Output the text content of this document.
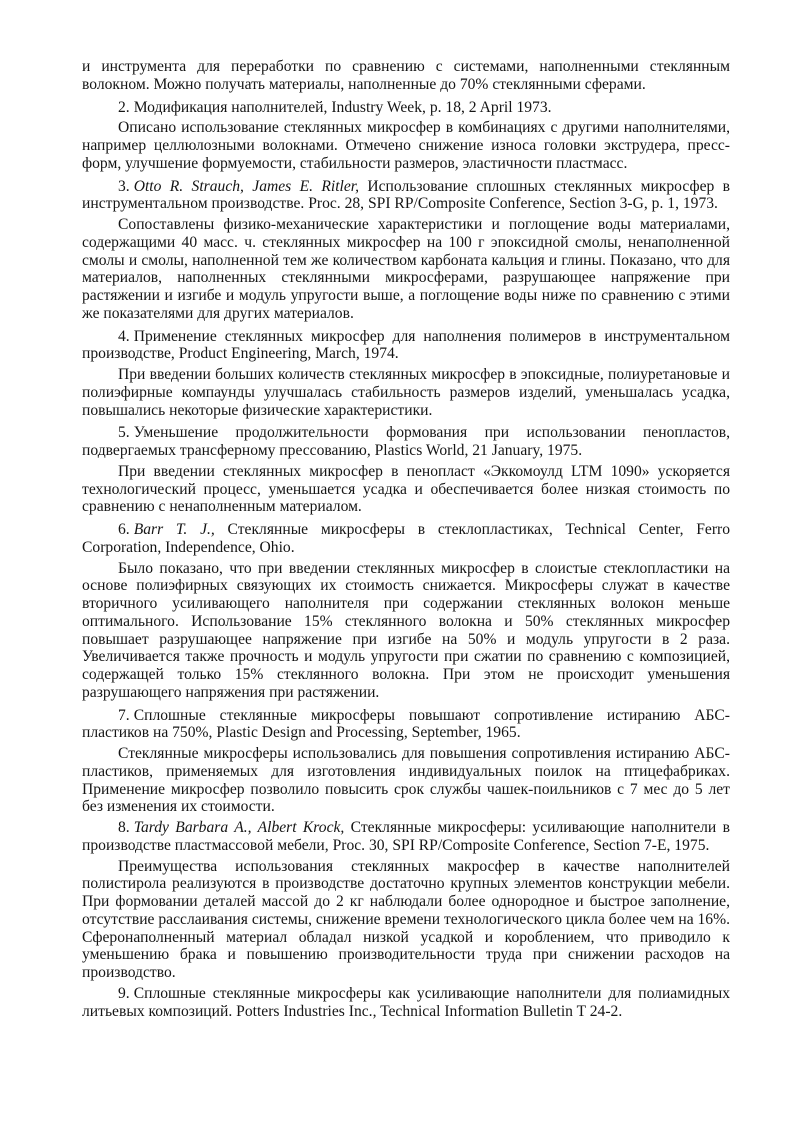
и инструмента для переработки по сравнению с системами, наполненными стеклянным волокном. Можно получать материалы, наполненные до 70% стеклянными сферами.

2. Модификация наполнителей, Industry Week, p. 18, 2 April 1973.

Описано использование стеклянных микросфер в комбинациях с другими наполнителями, например целлюлозными волокнами. Отмечено снижение износа головки экструдера, пресс-форм, улучшение формуемости, стабильности размеров, эластичности пластмасс.

3. Otto R. Strauch, James E. Ritler, Использование сплошных стеклянных микросфер в инструментальном производстве. Proc. 28, SPI RP/Composite Conference, Section 3-G, p. 1, 1973.

Сопоставлены физико-механические характеристики и поглощение воды материалами, содержащими 40 масс. ч. стеклянных микросфер на 100 г эпоксидной смолы, ненаполненной смолы и смолы, наполненной тем же количеством карбоната кальция и глины. Показано, что для материалов, наполненных стеклянными микросферами, разрушающее напряжение при растяжении и изгибе и модуль упругости выше, а поглощение воды ниже по сравнению с этими же показателями для других материалов.

4. Применение стеклянных микросфер для наполнения полимеров в инструментальном производстве, Product Engineering, March, 1974.

При введении больших количеств стеклянных микросфер в эпоксидные, полиуретановые и полиэфирные компаунды улучшалась стабильность размеров изделий, уменьшалась усадка, повышались некоторые физические характеристики.

5. Уменьшение продолжительности формования при использовании пенопластов, подвергаемых трансферному прессованию, Plastics World, 21 January, 1975.

При введении стеклянных микросфер в пенопласт «Эккомоулд LTM 1090» ускоряется технологический процесс, уменьшается усадка и обеспечивается более низкая стоимость по сравнению с ненаполненным материалом.

6. Barr T. J., Стеклянные микросферы в стеклопластиках, Technical Center, Ferro Corporation, Independence, Ohio.

Было показано, что при введении стеклянных микросфер в слоистые стеклопластики на основе полиэфирных связующих их стоимость снижается. Микросферы служат в качестве вторичного усиливающего наполнителя при содержании стеклянных волокон меньше оптимального. Использование 15% стеклянного волокна и 50% стеклянных микросфер повышает разрушающее напряжение при изгибе на 50% и модуль упругости в 2 раза. Увеличивается также прочность и модуль упругости при сжатии по сравнению с композицией, содержащей только 15% стеклянного волокна. При этом не происходит уменьшения разрушающего напряжения при растяжении.

7. Сплошные стеклянные микросферы повышают сопротивление истиранию АБС-пластиков на 750%, Plastic Design and Processing, September, 1965.

Стеклянные микросферы использовались для повышения сопротивления истиранию АБС-пластиков, применяемых для изготовления индивидуальных поилок на птицефабриках. Применение микросфер позволило повысить срок службы чашек-поильников с 7 мес до 5 лет без изменения их стоимости.

8. Tardy Barbara A., Albert Krock, Стеклянные микросферы: усиливающие наполнители в производстве пластмассовой мебели, Proc. 30, SPI RP/Composite Conference, Section 7-E, 1975.

Преимущества использования стеклянных макросфер в качестве наполнителей полистирола реализуются в производстве достаточно крупных элементов конструкции мебели. При формовании деталей массой до 2 кг наблюдали более однородное и быстрое заполнение, отсутствие расслаивания системы, снижение времени технологического цикла более чем на 16%. Сферонаполненный материал обладал низкой усадкой и короблением, что приводило к уменьшению брака и повышению производительности труда при снижении расходов на производство.

9. Сплошные стеклянные микросферы как усиливающие наполнители для полиамидных литьевых композиций. Potters Industries Inc., Technical Information Bulletin T 24-2.
